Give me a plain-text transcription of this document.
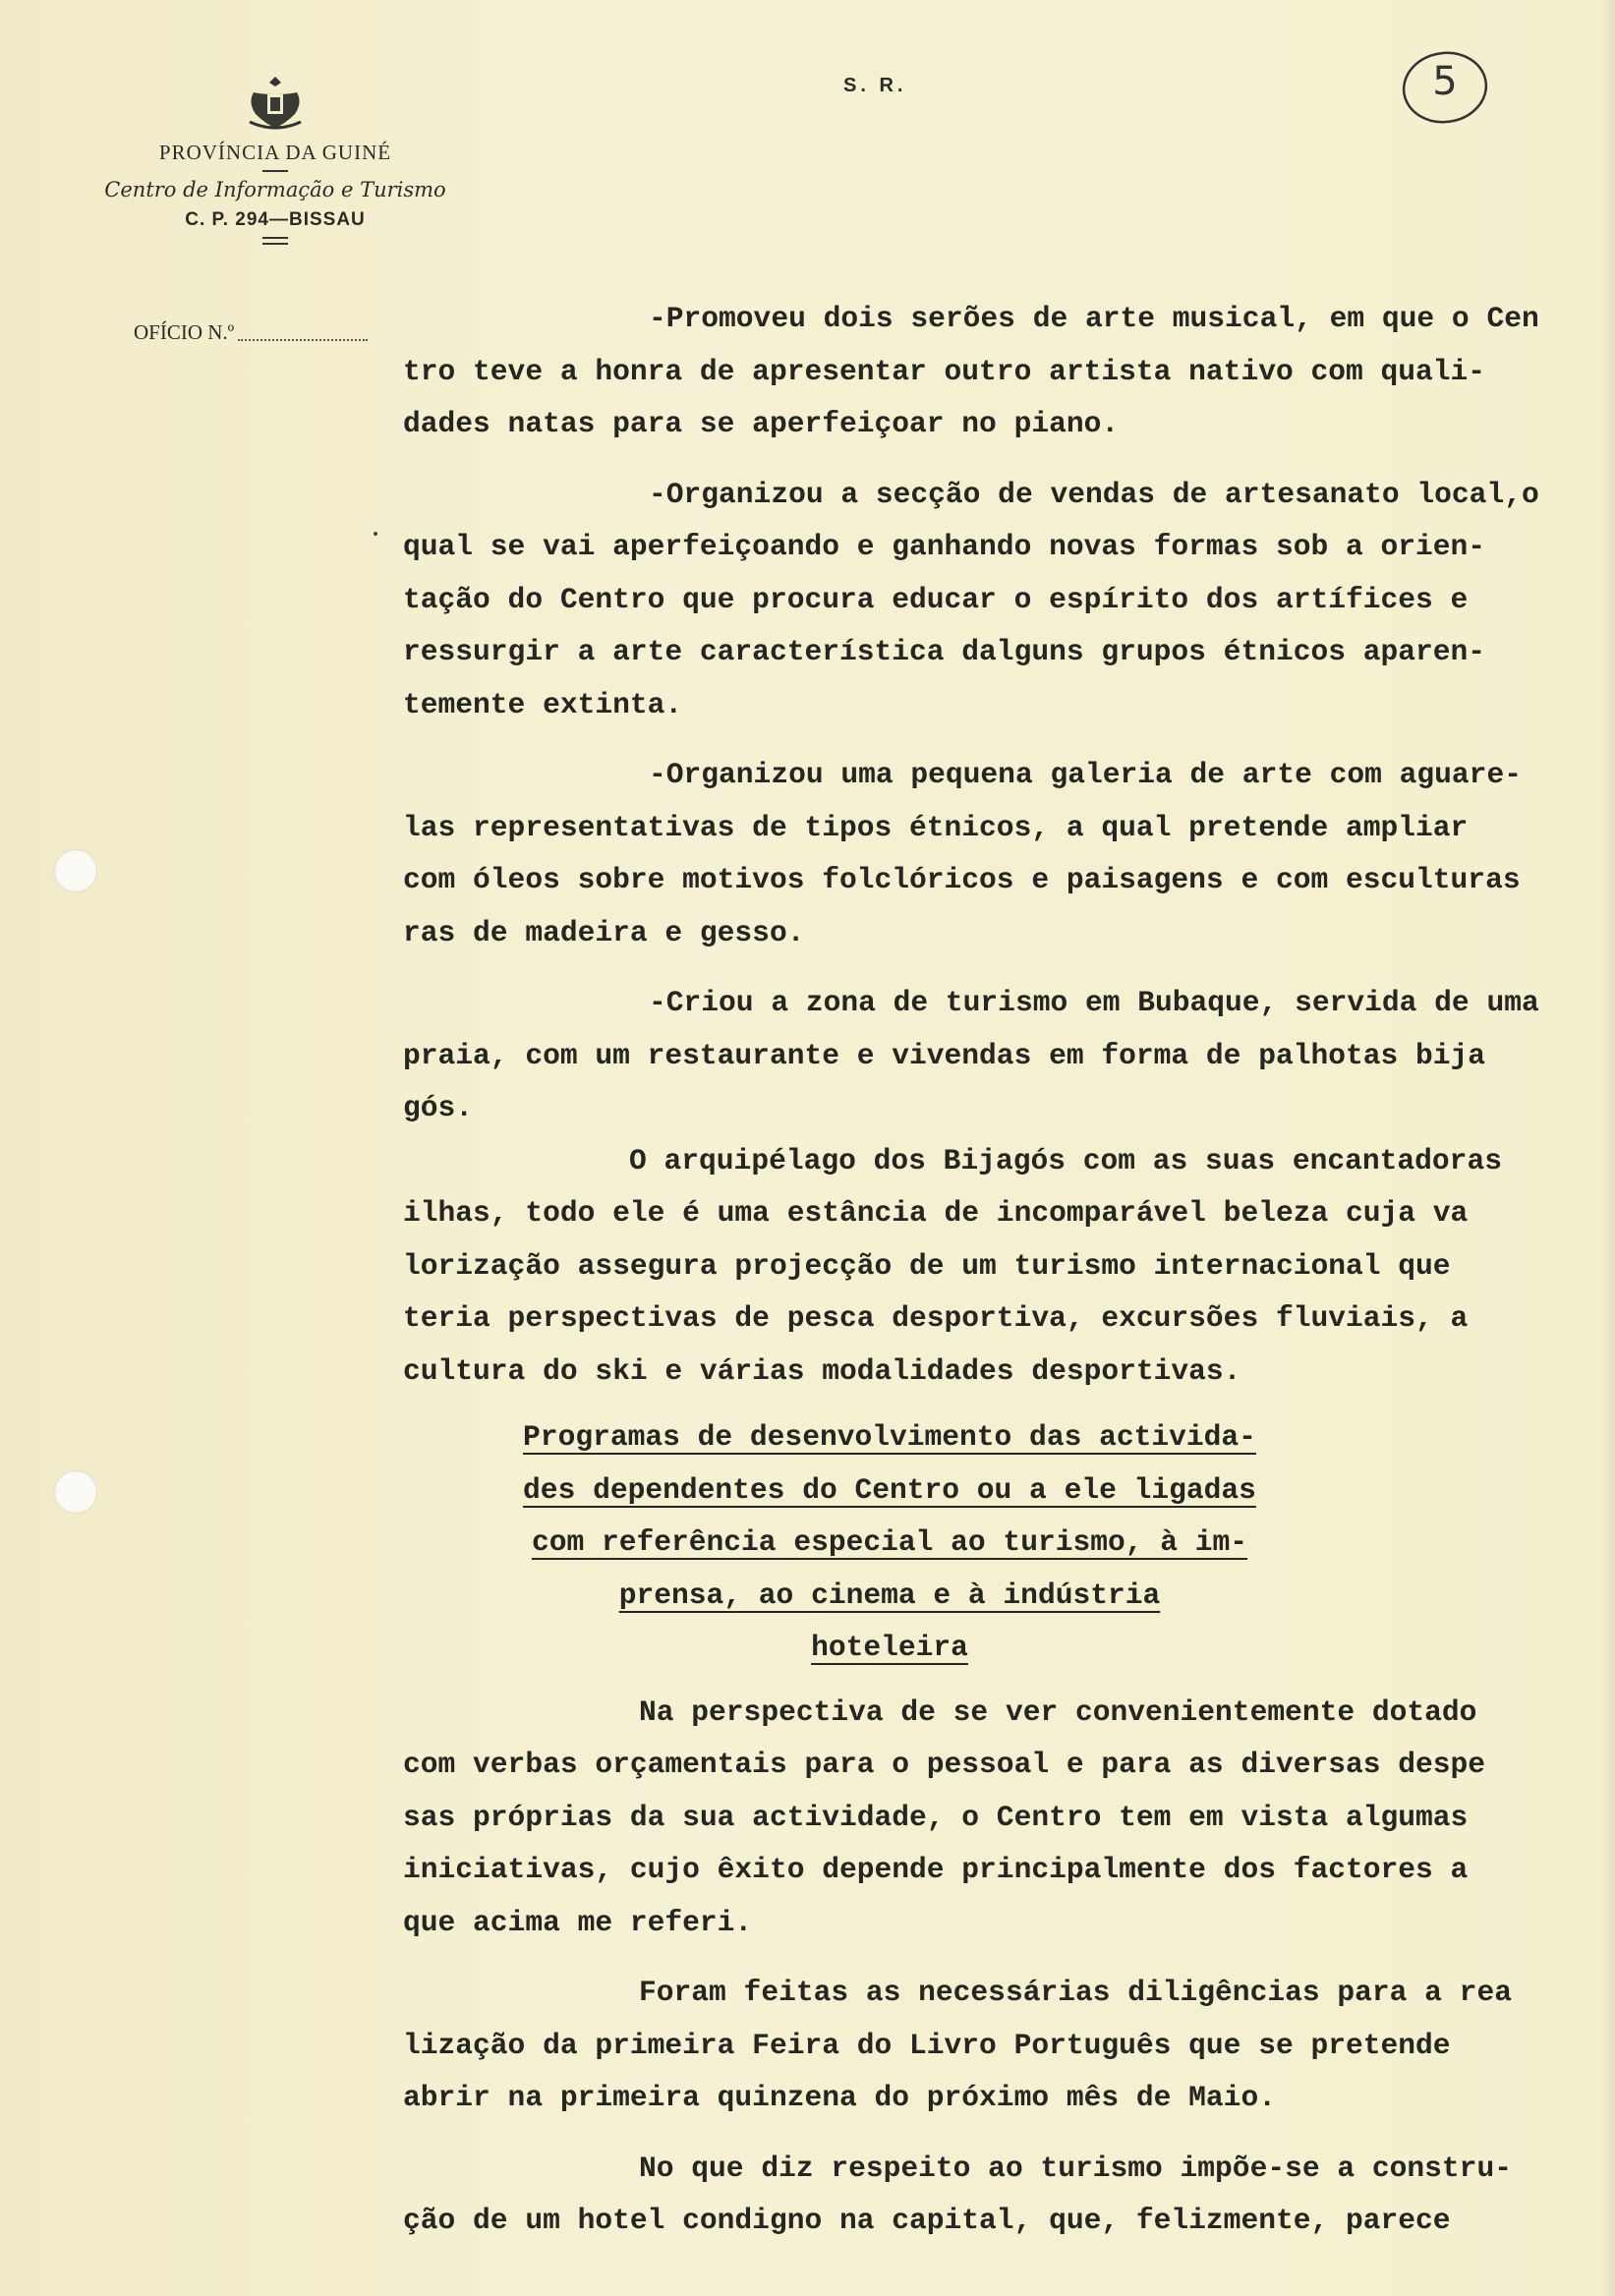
PROVÍNCIA DA GUINÉ
Centro de Informação e Turismo
C. P. 294—BISSAU
S. R.	5
OFÍCIO N.º	-Promoveu dois serões de arte musical, em que o Cen
tro teve a honra de apresentar outro artista nativo com quali-
dades natas para se aperfeiçoar no piano.

-Organizou a secção de vendas de artesanato local,o
qual se vai aperfeiçoando e ganhando novas formas sob a orien-
tação do Centro que procura educar o espírito dos artífices e
ressurgir a arte característica dalguns grupos étnicos aparen-
temente extinta.

-Organizou uma pequena galeria de arte com aguare-
las representativas de tipos étnicos, a qual pretende ampliar
com óleos sobre motivos folclóricos e paisagens e com esculturas
ras de madeira e gesso.

-Criou a zona de turismo em Bubaque, servida de uma
praia, com um restaurante e vivendas em forma de palhotas bija
gós.

O arquipélago dos Bijagós com as suas encantadoras
ilhas, todo ele é uma estância de incomparável beleza cuja va
lorização assegura projecção de um turismo internacional que
teria perspectivas de pesca desportiva, excursões fluviais, a
cultura do ski e várias modalidades desportivas.

Programas de desenvolvimento das activida-
des dependentes do Centro ou a ele ligadas
com referência especial ao turismo, à im-
prensa, ao cinema e à indústria
hoteleira

Na perspectiva de se ver convenientemente dotado
com verbas orçamentais para o pessoal e para as diversas despe
sas próprias da sua actividade, o Centro tem em vista algumas
iniciativas, cujo êxito depende principalmente dos factores a
que acima me referi.

Foram feitas as necessárias diligências para a rea
lização da primeira Feira do Livro Português que se pretende
abrir na primeira quinzena do próximo mês de Maio.

No que diz respeito ao turismo impõe-se a constru-
ção de um hotel condigno na capital, que, felizmente, parece
